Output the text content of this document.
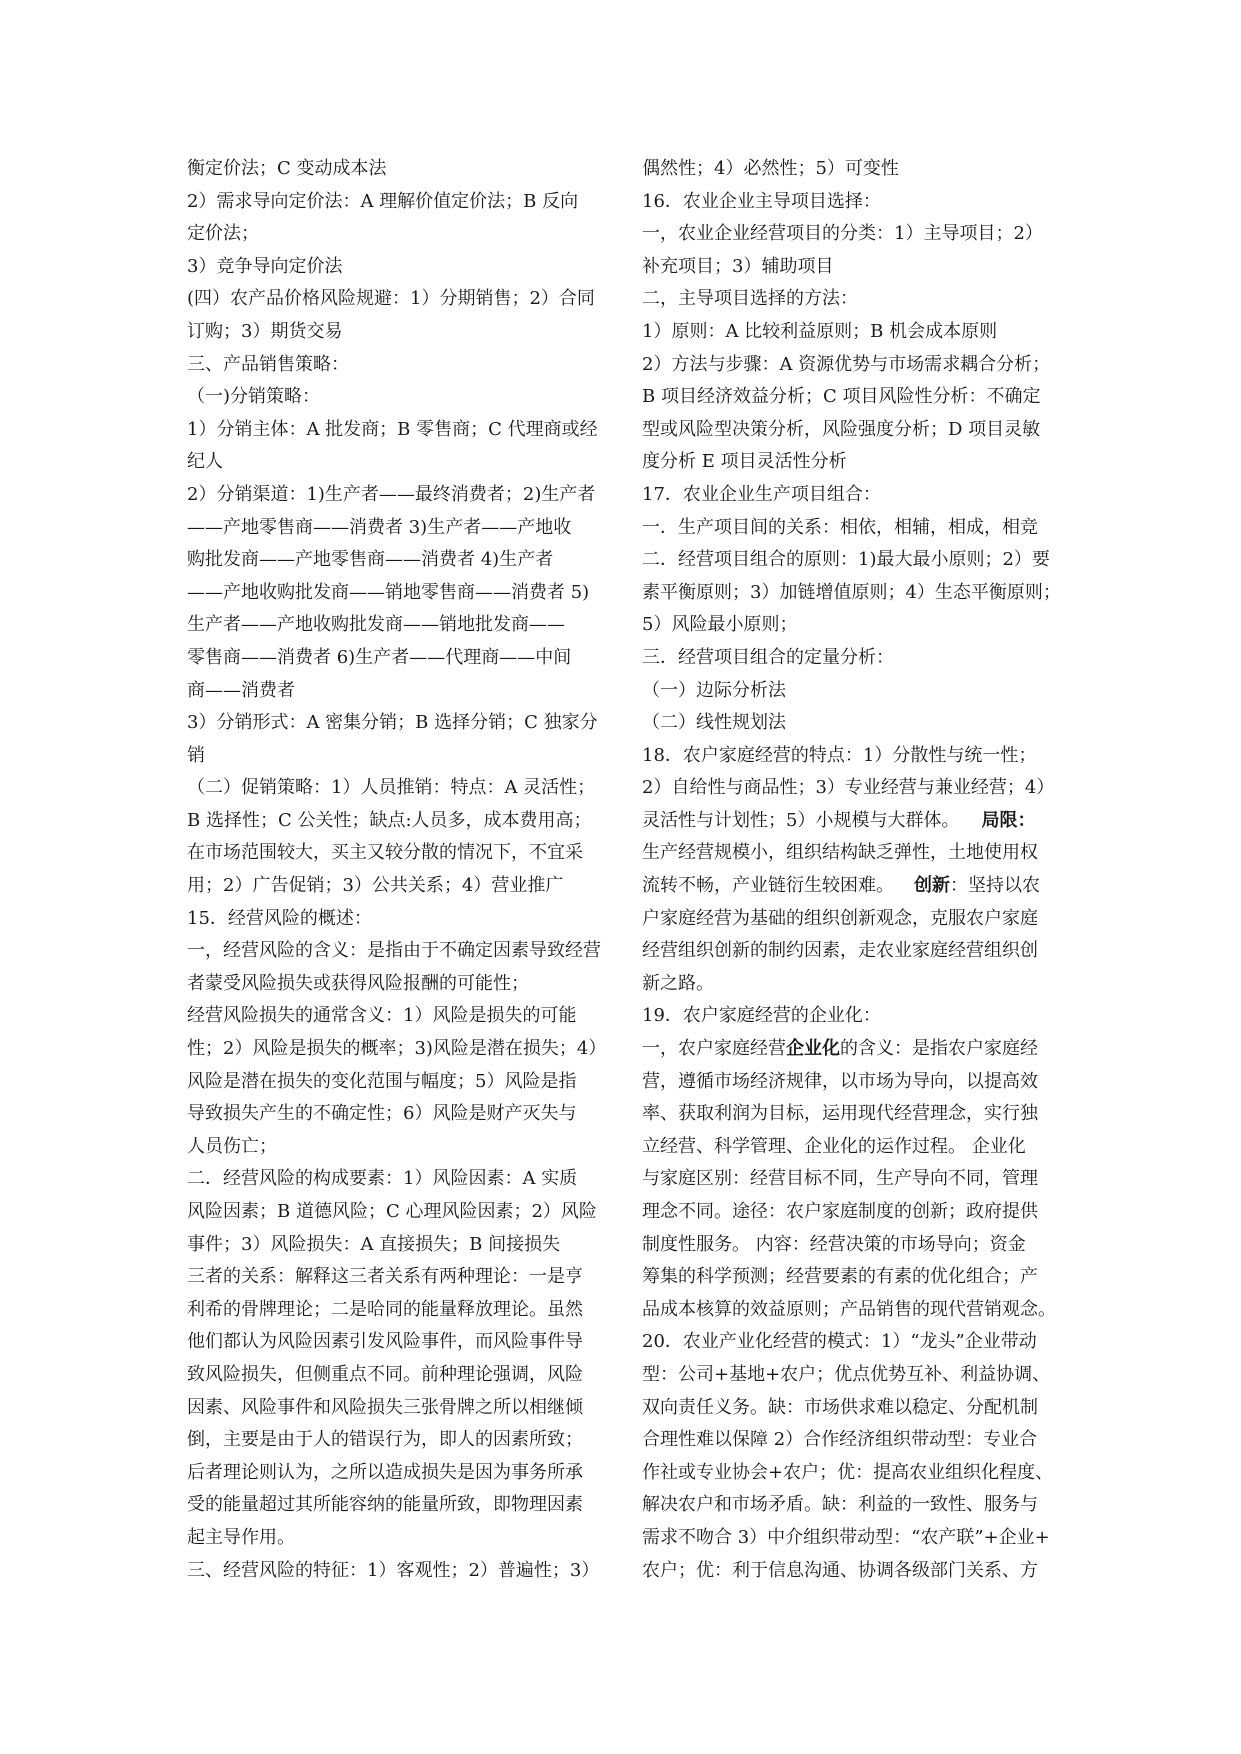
衡定价法；C 变动成本法
2）需求导向定价法：A 理解价值定价法；B 反向
定价法；
3）竞争导向定价法
(四）农产品价格风险规避：1）分期销售；2）合同
订购；3）期货交易
三、产品销售策略：
（一)分销策略：
1）分销主体：A 批发商；B 零售商；C 代理商或经
纪人
2）分销渠道：1)生产者——最终消费者；2)生产者
——产地零售商——消费者 3)生产者——产地收
购批发商——产地零售商——消费者 4)生产者
——产地收购批发商——销地零售商——消费者 5)
生产者——产地收购批发商——销地批发商——
零售商——消费者 6)生产者——代理商——中间
商——消费者
3）分销形式：A 密集分销；B 选择分销；C 独家分
销
（二）促销策略：1）人员推销：特点：A 灵活性；
B 选择性；C 公关性；缺点:人员多，成本费用高；
在市场范围较大，买主又较分散的情况下，不宜采
用；2）广告促销；3）公共关系；4）营业推广
15．经营风险的概述：
一，经营风险的含义：是指由于不确定因素导致经营
者蒙受风险损失或获得风险报酬的可能性；
经营风险损失的通常含义：1）风险是损失的可能
性；2）风险是损失的概率；3)风险是潜在损失；4）
风险是潜在损失的变化范围与幅度；5）风险是指
导致损失产生的不确定性；6）风险是财产灭失与
人员伤亡；
二．经营风险的构成要素：1）风险因素：A 实质
风险因素；B 道德风险；C 心理风险因素；2）风险
事件；3）风险损失：A 直接损失；B 间接损失
三者的关系：解释这三者关系有两种理论：一是亨
利希的骨牌理论；二是哈同的能量释放理论。虽然
他们都认为风险因素引发风险事件，而风险事件导
致风险损失，但侧重点不同。前种理论强调，风险
因素、风险事件和风险损失三张骨牌之所以相继倾
倒，主要是由于人的错误行为，即人的因素所致；
后者理论则认为，之所以造成损失是因为事务所承
受的能量超过其所能容纳的能量所致，即物理因素
起主导作用。
三、经营风险的特征：1）客观性；2）普遍性；3）
偶然性；4）必然性；5）可变性
16．农业企业主导项目选择：
一，农业企业经营项目的分类：1）主导项目；2）
补充项目；3）辅助项目
二，主导项目选择的方法：
1）原则：A 比较利益原则；B 机会成本原则
2）方法与步骤：A 资源优势与市场需求耦合分析；
B 项目经济效益分析；C 项目风险性分析：不确定
型或风险型决策分析，风险强度分析；D 项目灵敏
度分析 E 项目灵活性分析
17．农业企业生产项目组合：
一．生产项目间的关系：相依，相辅，相成，相竞
二．经营项目组合的原则：1)最大最小原则；2）要
素平衡原则；3）加链增值原则；4）生态平衡原则；
5）风险最小原则；
三．经营项目组合的定量分析：
（一）边际分析法
（二）线性规划法
18．农户家庭经营的特点：1）分散性与统一性；
2）自给性与商品性；3）专业经营与兼业经营；4）
灵活性与计划性；5）小规模与大群体。 局限：
生产经营规模小，组织结构缺乏弹性，土地使用权
流转不畅，产业链衍生较困难。 创新：坚持以农
户家庭经营为基础的组织创新观念，克服农户家庭
经营组织创新的制约因素，走农业家庭经营组织创
新之路。
19．农户家庭经营的企业化：
一，农户家庭经营企业化的含义：是指农户家庭经
营，遵循市场经济规律，以市场为导向，以提高效
率、获取利润为目标，运用现代经营理念，实行独
立经营、科学管理、企业化的运作过程。 企业化
与家庭区别：经营目标不同，生产导向不同，管理
理念不同。途径：农户家庭制度的创新；政府提供
制度性服务。 内容：经营决策的市场导向；资金
筹集的科学预测；经营要素的有素的优化组合；产
品成本核算的效益原则；产品销售的现代营销观念。
20．农业产业化经营的模式：1）“龙头”企业带动
型：公司+基地+农户；优点优势互补、利益协调、
双向责任义务。缺：市场供求难以稳定、分配机制
合理性难以保障 2）合作经济组织带动型：专业合
作社或专业协会+农户；优：提高农业组织化程度、
解决农户和市场矛盾。缺：利益的一致性、服务与
需求不吻合 3）中介组织带动型：“农产联”+企业+
农户；优：利于信息沟通、协调各级部门关系、方
